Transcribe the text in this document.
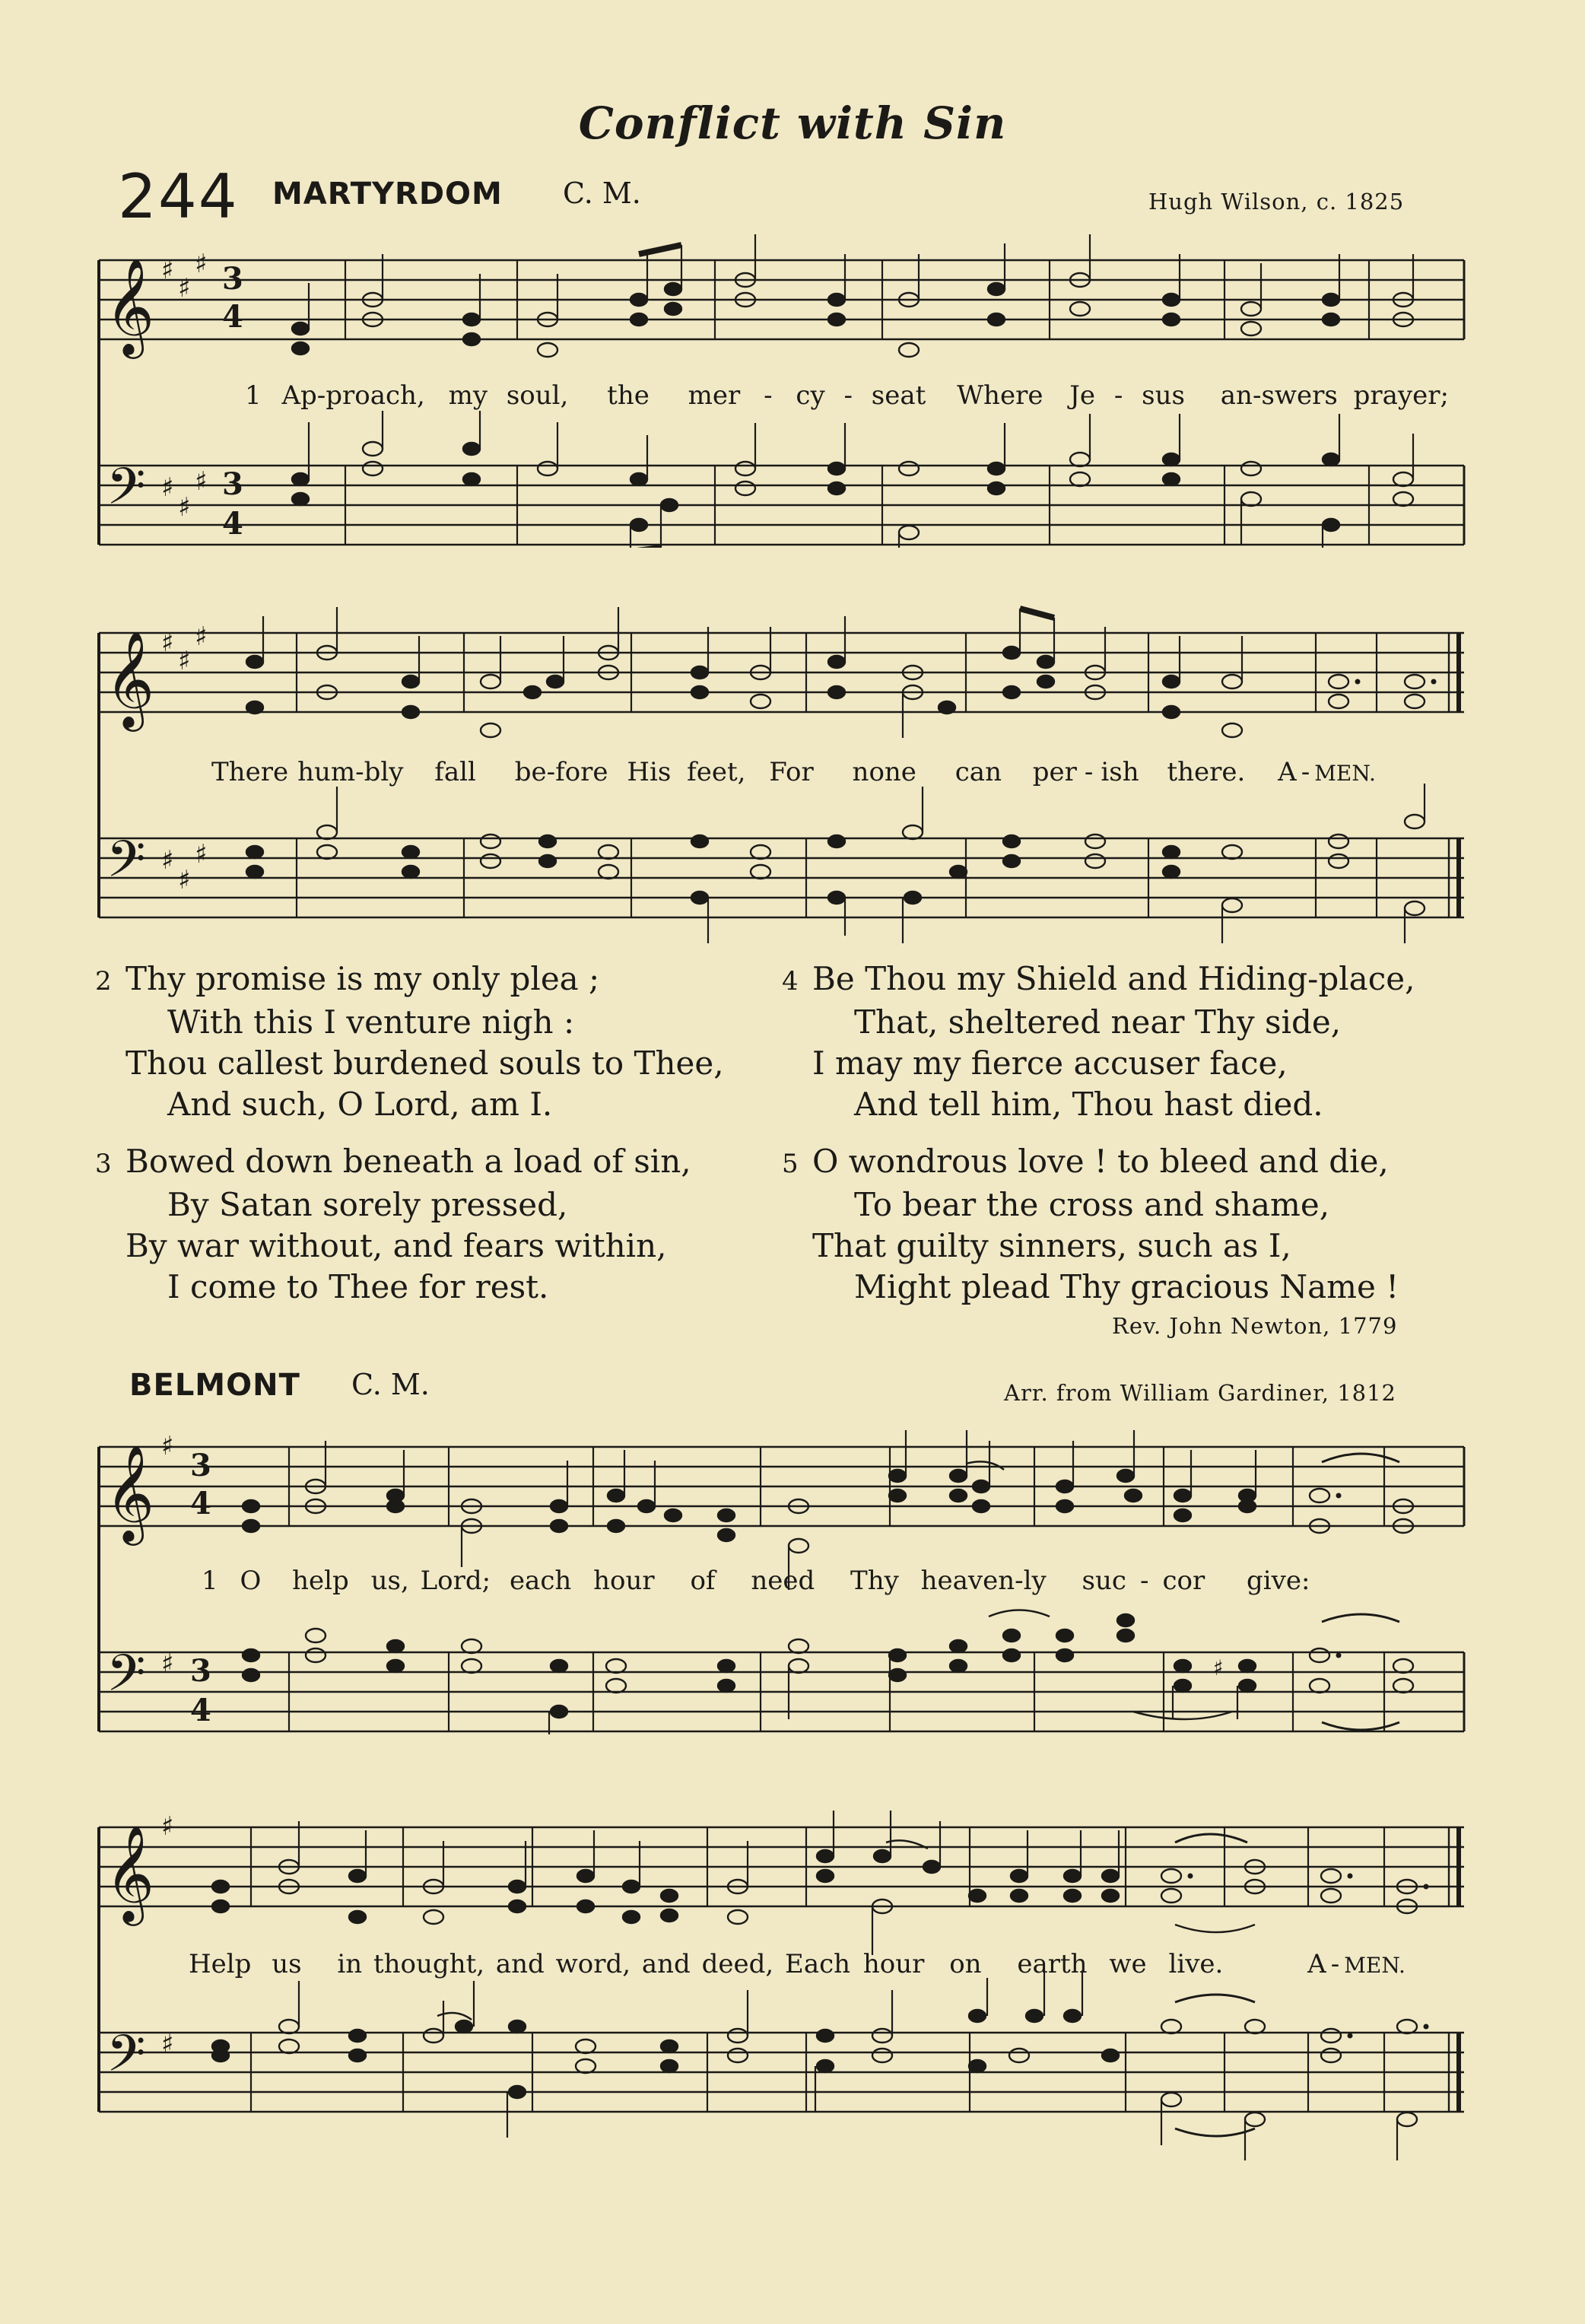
Conflict with Sin
244 MARTYRDOM C. M.	Hugh Wilson, c. 1825
𝄞
𝄢
♯
♯
♯
♯
♯
♯
3
4
3
4
1 Ap-proach, my soul, the mer - cy - seat Where Je - sus an-swers prayer;
𝄞
𝄢
♯
♯
♯
♯
♯
♯
There hum-bly fall be-fore His feet, For none can per - ish there. A - MEN.
2 Thy promise is my only plea ;
With this I venture nigh :
Thou callest burdened souls to Thee,
And such, O Lord, am I.
3 Bowed down beneath a load of sin,
By Satan sorely pressed,
By war without, and fears within,
I come to Thee for rest.
4 Be Thou my Shield and Hiding-place,
That, sheltered near Thy side,
I may my fierce accuser face,
And tell him, Thou hast died.
5 O wondrous love ! to bleed and die,
To bear the cross and shame,
That guilty sinners, such as I,
Might plead Thy gracious Name !
Rev. John Newton, 1779
BELMONT C. M.	Arr. from William Gardiner, 1812
𝄞
𝄢
♯
♯
3
4
3
4
♯
1 O help us, Lord; each hour of need Thy heaven-ly suc - cor give:
𝄞
𝄢
♯
♯
Help us in thought, and word, and deed, Each hour on earth we live.	A - MEN.
